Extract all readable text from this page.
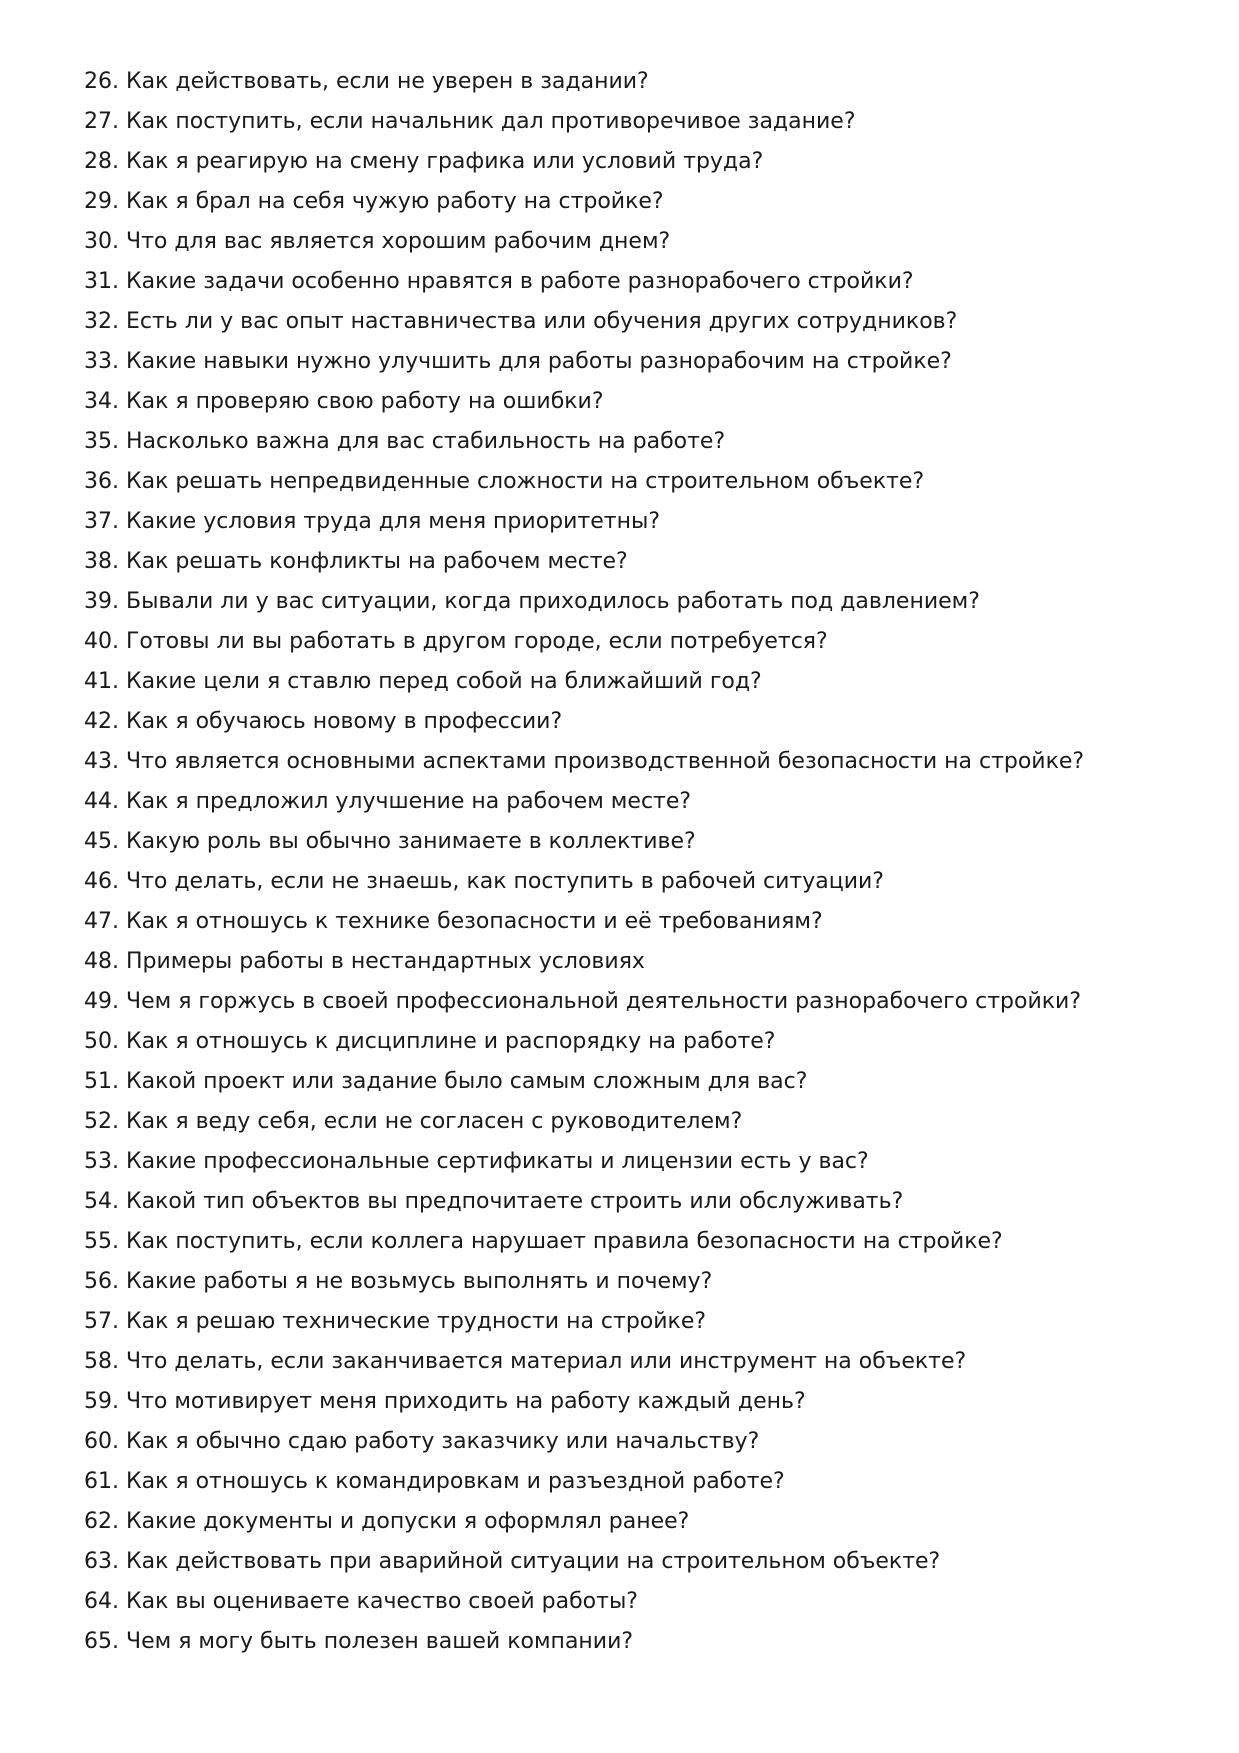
26. Как действовать, если не уверен в задании?
27. Как поступить, если начальник дал противоречивое задание?
28. Как я реагирую на смену графика или условий труда?
29. Как я брал на себя чужую работу на стройке?
30. Что для вас является хорошим рабочим днем?
31. Какие задачи особенно нравятся в работе разнорабочего стройки?
32. Есть ли у вас опыт наставничества или обучения других сотрудников?
33. Какие навыки нужно улучшить для работы разнорабочим на стройке?
34. Как я проверяю свою работу на ошибки?
35. Насколько важна для вас стабильность на работе?
36. Как решать непредвиденные сложности на строительном объекте?
37. Какие условия труда для меня приоритетны?
38. Как решать конфликты на рабочем месте?
39. Бывали ли у вас ситуации, когда приходилось работать под давлением?
40. Готовы ли вы работать в другом городе, если потребуется?
41. Какие цели я ставлю перед собой на ближайший год?
42. Как я обучаюсь новому в профессии?
43. Что является основными аспектами производственной безопасности на стройке?
44. Как я предложил улучшение на рабочем месте?
45. Какую роль вы обычно занимаете в коллективе?
46. Что делать, если не знаешь, как поступить в рабочей ситуации?
47. Как я отношусь к технике безопасности и её требованиям?
48. Примеры работы в нестандартных условиях
49. Чем я горжусь в своей профессиональной деятельности разнорабочего стройки?
50. Как я отношусь к дисциплине и распорядку на работе?
51. Какой проект или задание было самым сложным для вас?
52. Как я веду себя, если не согласен с руководителем?
53. Какие профессиональные сертификаты и лицензии есть у вас?
54. Какой тип объектов вы предпочитаете строить или обслуживать?
55. Как поступить, если коллега нарушает правила безопасности на стройке?
56. Какие работы я не возьмусь выполнять и почему?
57. Как я решаю технические трудности на стройке?
58. Что делать, если заканчивается материал или инструмент на объекте?
59. Что мотивирует меня приходить на работу каждый день?
60. Как я обычно сдаю работу заказчику или начальству?
61. Как я отношусь к командировкам и разъездной работе?
62. Какие документы и допуски я оформлял ранее?
63. Как действовать при аварийной ситуации на строительном объекте?
64. Как вы оцениваете качество своей работы?
65. Чем я могу быть полезен вашей компании?
